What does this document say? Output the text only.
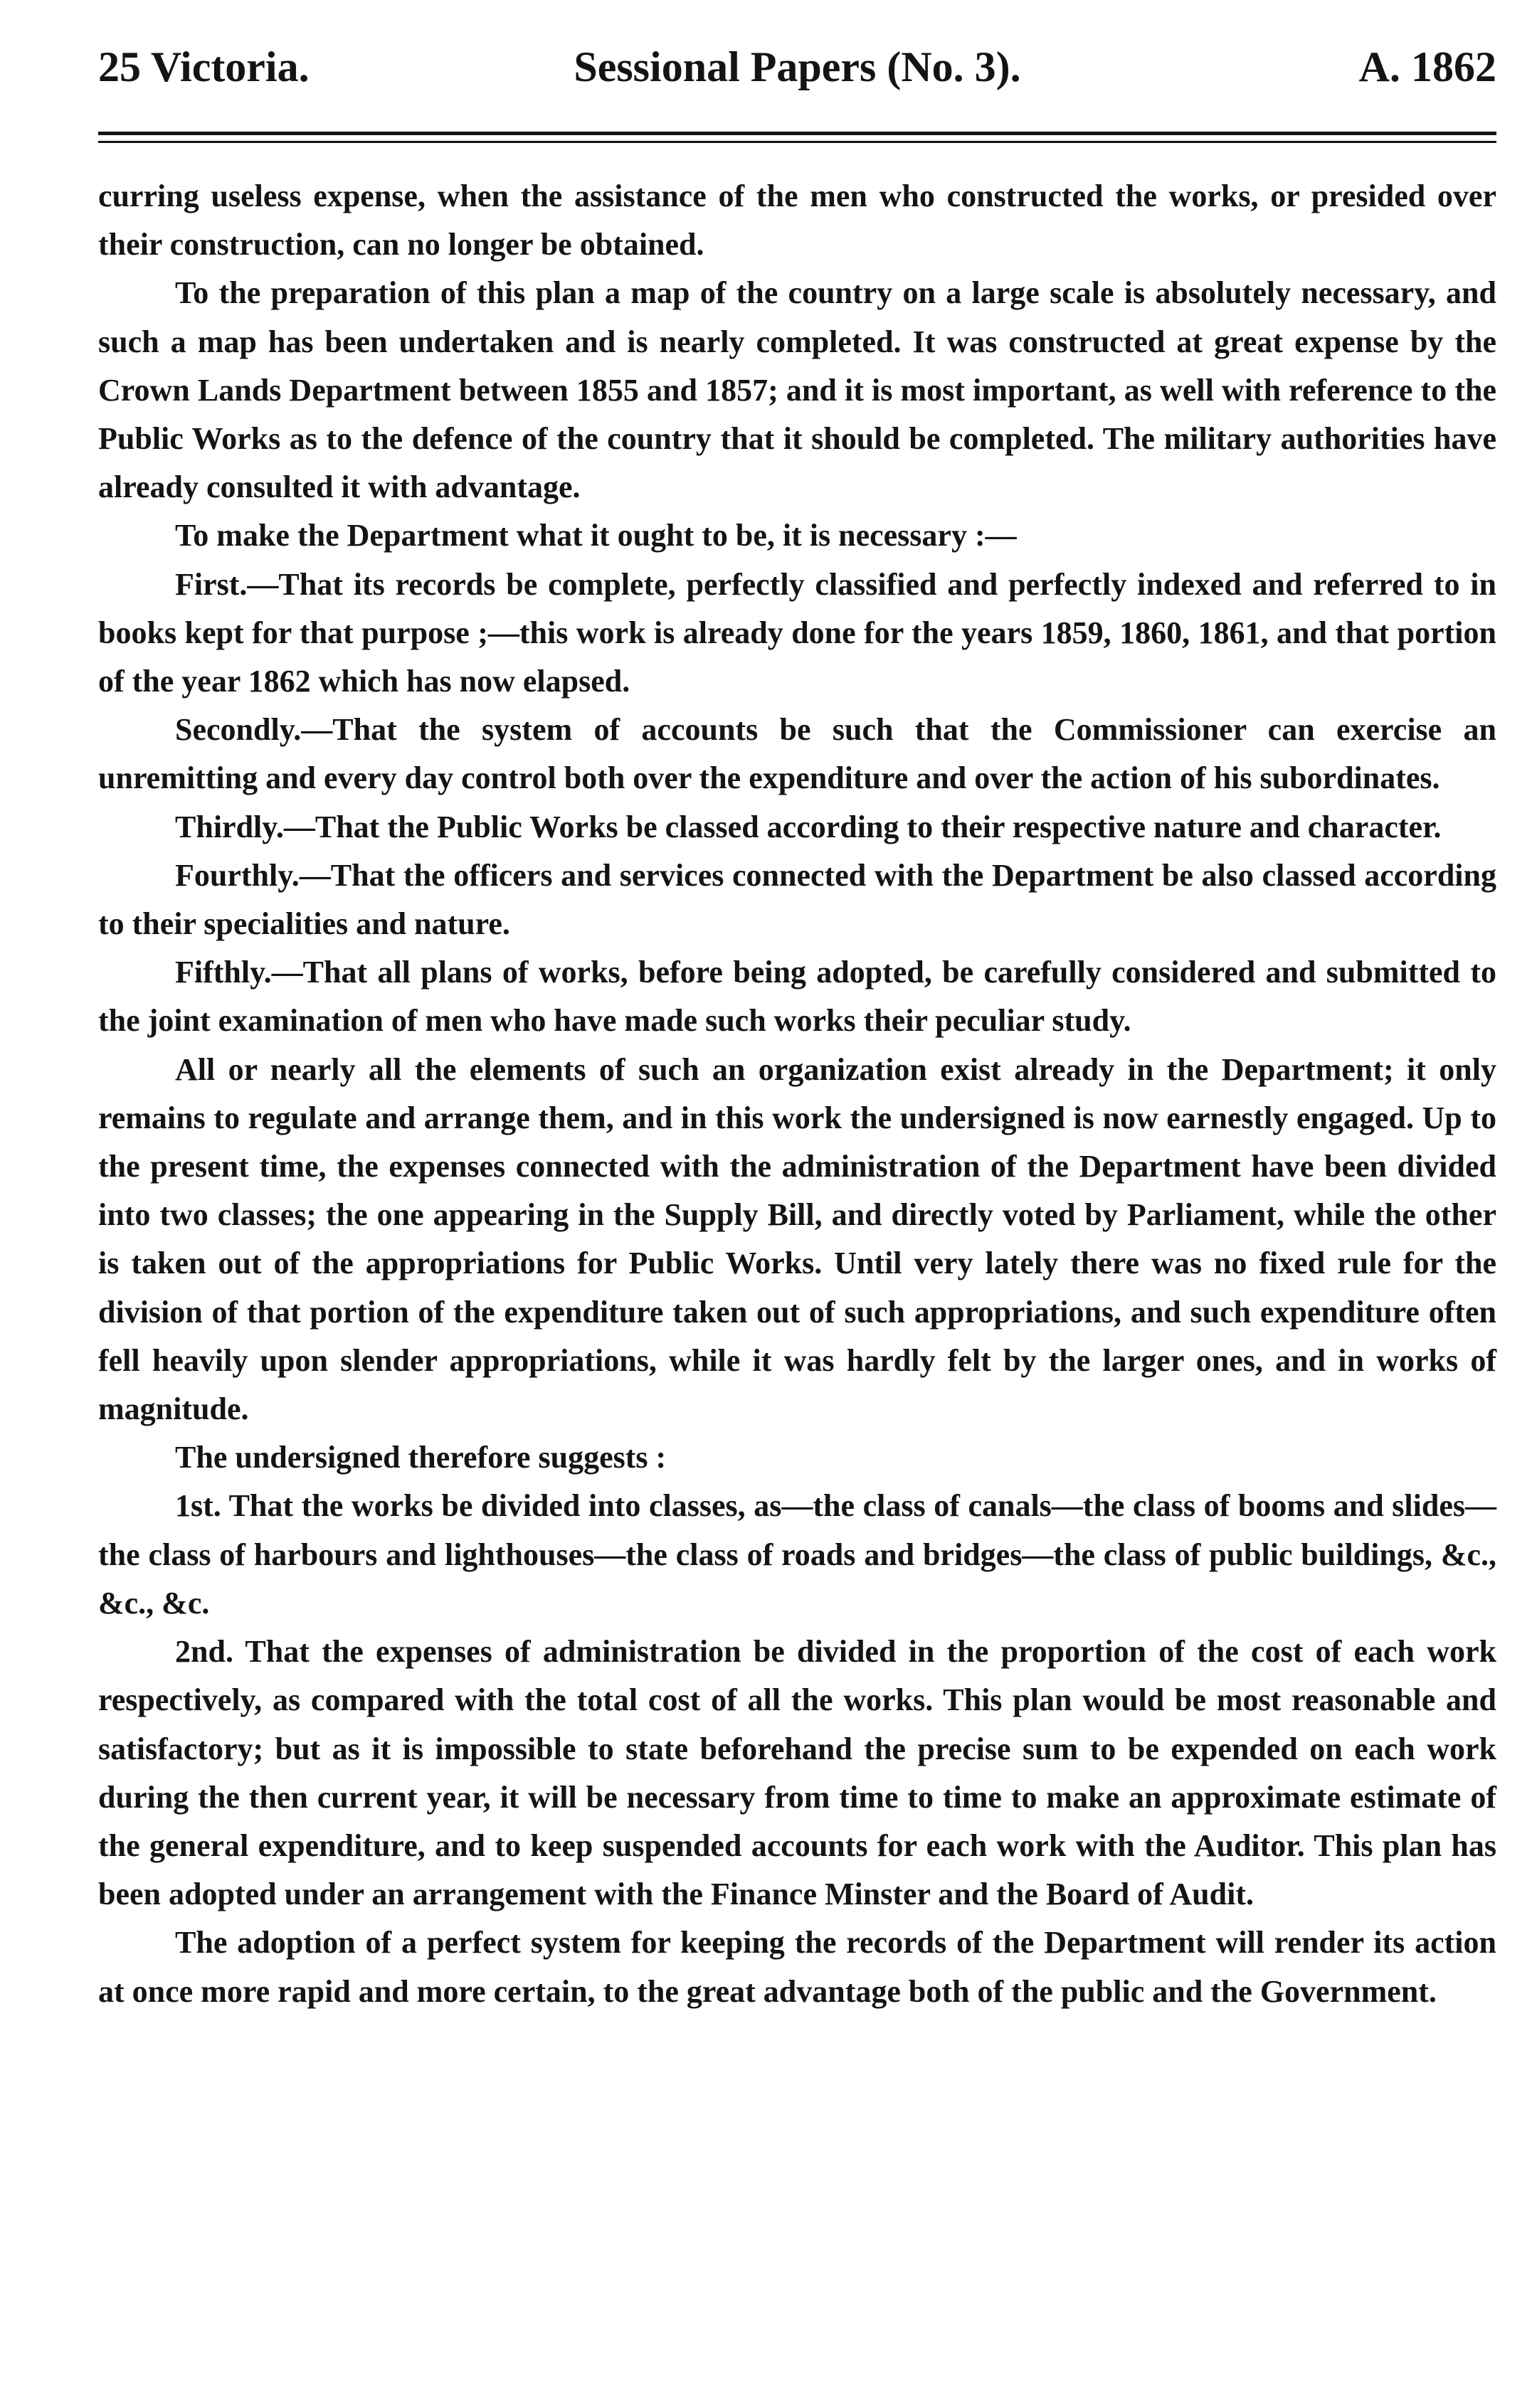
25 Victoria.	Sessional Papers (No. 3).	A. 1862

curring useless expense, when the assistance of the men who constructed the works, or presided over their construction, can no longer be obtained.

To the preparation of this plan a map of the country on a large scale is absolutely necessary, and such a map has been undertaken and is nearly completed. It was constructed at great expense by the Crown Lands Department between 1855 and 1857; and it is most important, as well with reference to the Public Works as to the defence of the country that it should be completed. The military authorities have already consulted it with advantage.

To make the Department what it ought to be, it is necessary :—

First.—That its records be complete, perfectly classified and perfectly indexed and referred to in books kept for that purpose ;—this work is already done for the years 1859, 1860, 1861, and that portion of the year 1862 which has now elapsed.

Secondly.—That the system of accounts be such that the Commissioner can exercise an unremitting and every day control both over the expenditure and over the action of his subordinates.

Thirdly.—That the Public Works be classed according to their respective nature and character.

Fourthly.—That the officers and services connected with the Department be also classed according to their specialities and nature.

Fifthly.—That all plans of works, before being adopted, be carefully considered and submitted to the joint examination of men who have made such works their peculiar study.

All or nearly all the elements of such an organization exist already in the Department; it only remains to regulate and arrange them, and in this work the undersigned is now earnestly engaged. Up to the present time, the expenses connected with the administration of the Department have been divided into two classes; the one appearing in the Supply Bill, and directly voted by Parliament, while the other is taken out of the appropriations for Public Works. Until very lately there was no fixed rule for the division of that portion of the expenditure taken out of such appropriations, and such expenditure often fell heavily upon slender appropriations, while it was hardly felt by the larger ones, and in works of magnitude.

The undersigned therefore suggests :

1st. That the works be divided into classes, as—the class of canals—the class of booms and slides—the class of harbours and lighthouses—the class of roads and bridges—the class of public buildings, &c., &c., &c.

2nd. That the expenses of administration be divided in the proportion of the cost of each work respectively, as compared with the total cost of all the works. This plan would be most reasonable and satisfactory; but as it is impossible to state beforehand the precise sum to be expended on each work during the then current year, it will be necessary from time to time to make an approximate estimate of the general expenditure, and to keep suspended accounts for each work with the Auditor. This plan has been adopted under an arrangement with the Finance Minster and the Board of Audit.

The adoption of a perfect system for keeping the records of the Department will render its action at once more rapid and more certain, to the great advantage both of the public and the Government.
